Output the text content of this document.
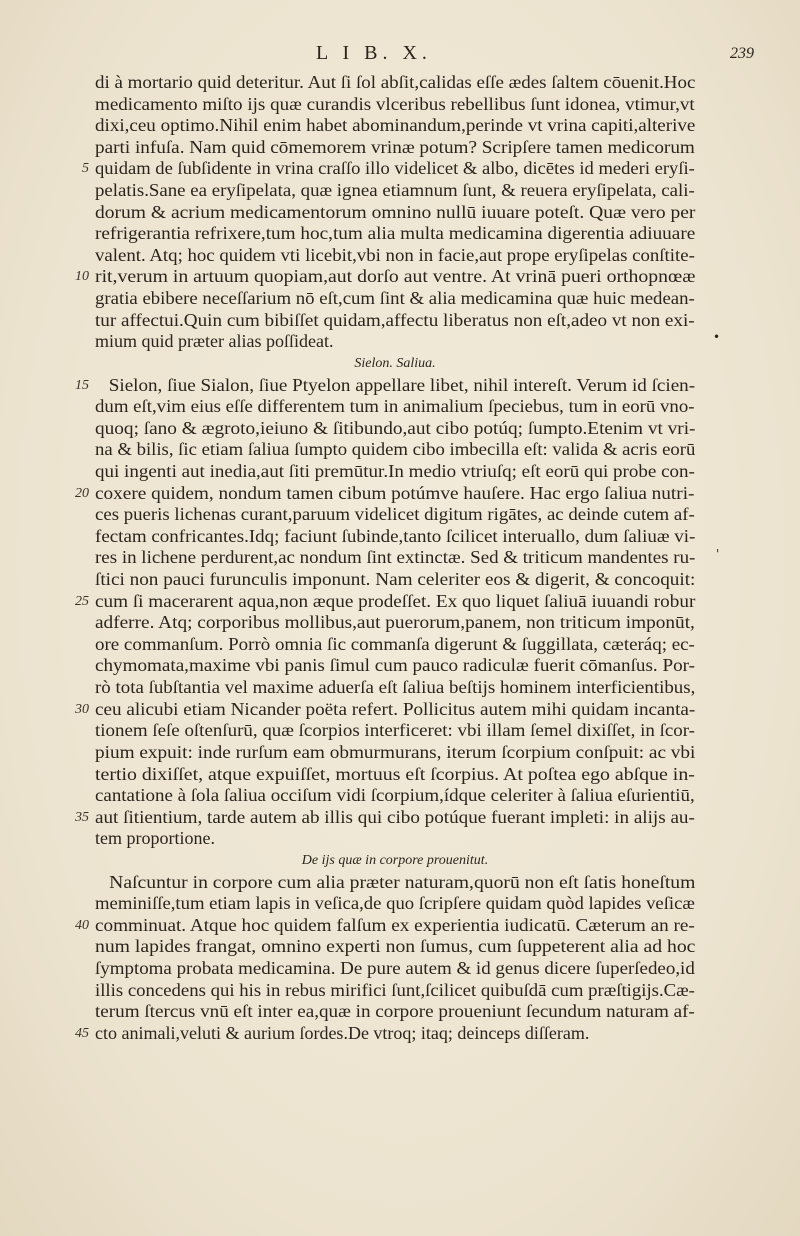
L I B. X.	239
di à mortario quid deteritur. Aut ſi ſol abſit,calidas eſſe ædes ſaltem cōuenit.Hoc
medicamento miſto ijs quæ curandis vlceribus rebellibus ſunt idonea, vtimur,vt
dixi,ceu optimo.Nihil enim habet abominandum,perinde vt vrina capiti,alterive
parti infuſa. Nam quid cōmemorem vrinæ potum? Scripſere tamen medicorum
5 quidam de ſubſidente in vrina craſſo illo videlicet & albo, dicētes id mederi eryſi-
pelatis.Sane ea eryſipelata, quæ ignea etiamnum ſunt, & reuera eryſipelata, cali-
dorum & acrium medicamentorum omnino nullū iuuare poteſt. Quæ vero per
refrigerantia refrixere,tum hoc,tum alia multa medicamina digerentia adiuuare
valent. Atq; hoc quidem vti licebit,vbi non in facie,aut prope eryſipelas conſtite-
10 rit,verum in artuum quopiam,aut dorſo aut ventre. At vrinā pueri orthopnœæ
gratia ebibere neceſſarium nō eſt,cum ſint & alia medicamina quæ huic medean-
tur affectui.Quin cum bibiſſet quidam,affectu liberatus non eſt,adeo vt non exi-
mium quid præter alias poſſideat.
Sielon. Saliua.
15 Sielon, ſiue Sialon, ſiue Ptyelon appellare libet, nihil intereſt. Verum id ſcien-
dum eſt,vim eius eſſe differentem tum in animalium ſpeciebus, tum in eorū vno-
quoq; ſano & ægroto,ieiuno & ſitibundo,aut cibo potúq; ſumpto.Etenim vt vri-
na & bilis, ſic etiam ſaliua ſumpto quidem cibo imbecilla eſt: valida & acris eorū
qui ingenti aut inedia,aut ſiti premūtur.In medio vtriuſq; eſt eorū qui probe con-
20 coxere quidem, nondum tamen cibum potúmve hauſere. Hac ergo ſaliua nutri-
ces pueris lichenas curant,paruum videlicet digitum rigātes, ac deinde cutem af-
fectam confricantes.Idq; faciunt ſubinde,tanto ſcilicet interuallo, dum ſaliuæ vi-
res in lichene perdurent,ac nondum ſint extinctæ. Sed & triticum mandentes ru-
ſtici non pauci furunculis imponunt. Nam celeriter eos & digerit, & concoquit:
25 cum ſi macerarent aqua,non æque prodeſſet. Ex quo liquet ſaliuā iuuandi robur
adferre. Atq; corporibus mollibus,aut puerorum,panem, non triticum imponūt,
ore commanſum. Porrò omnia ſic commanſa digerunt & ſuggillata, cæteráq; ec-
chymomata,maxime vbi panis ſimul cum pauco radiculæ fuerit cōmanſus. Por-
rò tota ſubſtantia vel maxime aduerſa eſt ſaliua beſtijs hominem interficientibus,
30 ceu alicubi etiam Nicander poëta refert. Pollicitus autem mihi quidam incanta-
tionem ſeſe oſtenſurū, quæ ſcorpios interficeret: vbi illam ſemel dixiſſet, in ſcor-
pium expuit: inde rurſum eam obmurmurans, iterum ſcorpium conſpuit: ac vbi
tertio dixiſſet, atque expuiſſet, mortuus eſt ſcorpius. At poſtea ego abſque in-
cantatione à ſola ſaliua occiſum vidi ſcorpium,ídque celeriter à ſaliua eſurientiū,
35 aut ſitientium, tarde autem ab illis qui cibo potúque fuerant impleti: in alijs au-
tem proportione.
De ijs quæ in corpore prouenitut.
Naſcuntur in corpore cum alia præter naturam,quorū non eſt ſatis honeſtum
meminiſſe,tum etiam lapis in veſica,de quo ſcripſere quidam quòd lapides veſicæ
40 comminuat. Atque hoc quidem falſum ex experientia iudicatū. Cæterum an re-
num lapides frangat, omnino experti non ſumus, cum ſuppeterent alia ad hoc
ſymptoma probata medicamina. De pure autem & id genus dicere ſuperſedeo,id
illis concedens qui his in rebus mirifici ſunt,ſcilicet quibuſdā cum præſtigijs.Cæ-
terum ſtercus vnū eſt inter ea,quæ in corpore proueniunt ſecundum naturam af-
45 cto animali,veluti & aurium ſordes.De vtroq; itaq; deinceps diſſeram.
•
'
